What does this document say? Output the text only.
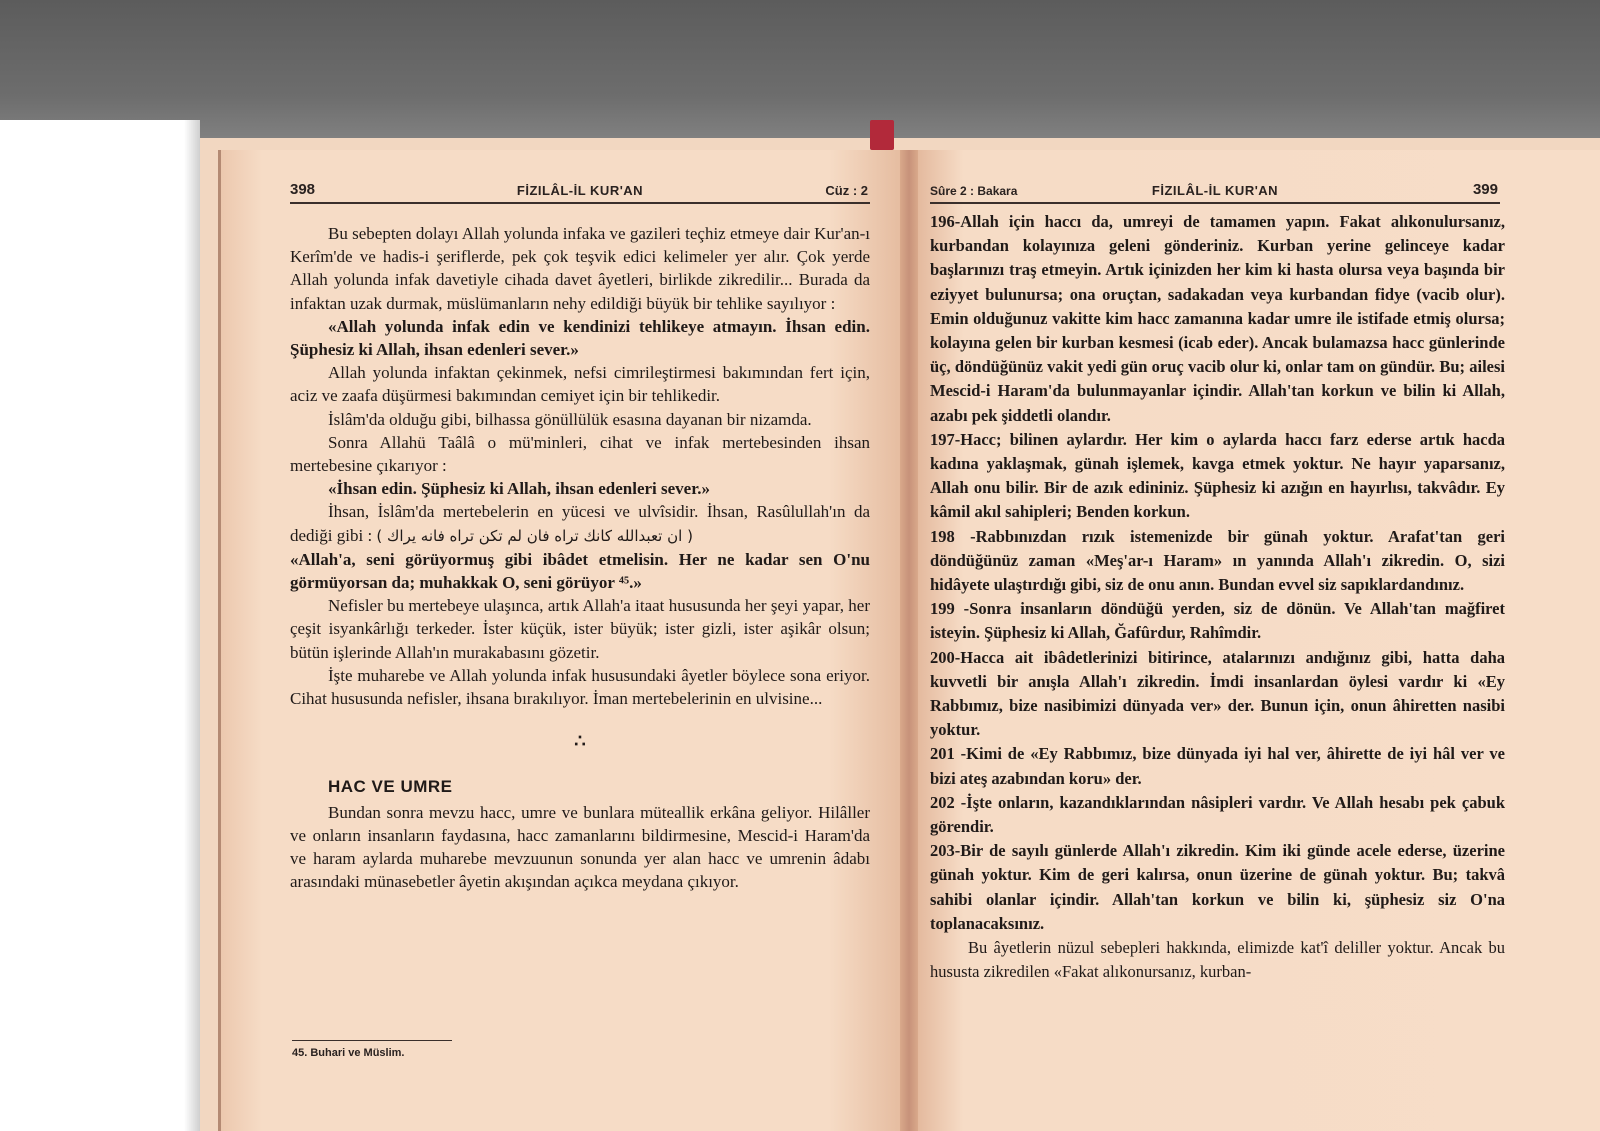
398	FİZILÂL-İL KUR'AN	Cüz : 2	Sûre 2 : Bakara	FİZILÂL-İL KUR'AN	399

Bu sebepten dolayı Allah yolunda infaka ve gazileri teçhiz etmeye dair Kur'an-ı Kerîm'de ve hadis-i şeriflerde, pek çok teşvik edici kelimeler yer alır. Çok yerde Allah yolunda infak davetiyle cihada davet âyetleri, birlikde zikredilir... Burada da infaktan uzak durmak, müslümanların nehy edildiği büyük bir tehlike sayılıyor :

«Allah yolunda infak edin ve kendinizi tehlikeye atmayın. İhsan edin. Şüphesiz ki Allah, ihsan edenleri sever.»

Allah yolunda infaktan çekinmek, nefsi cimrileştirmesi bakımından fert için, aciz ve zaafa düşürmesi bakımından cemiyet için bir tehlikedir.

İslâm'da olduğu gibi, bilhassa gönüllülük esasına dayanan bir nizamda.

Sonra Allahü Taâlâ o mü'minleri, cihat ve infak mertebesinden ihsan mertebesine çıkarıyor :

«İhsan edin. Şüphesiz ki Allah, ihsan edenleri sever.»

İhsan, İslâm'da mertebelerin en yücesi ve ulvîsidir. İhsan, Rasûlullah'ın da dediği gibi : ( ان تعبدالله كانك تراه فان لم تكن تراه فانه يراك )

«Allah'a, seni görüyormuş gibi ibâdet etmelisin. Her ne kadar sen O'nu görmüyorsan da; muhakkak O, seni görüyor ⁴⁵.»

Nefisler bu mertebeye ulaşınca, artık Allah'a itaat hususunda her şeyi yapar, her çeşit isyankârlığı terkeder. İster küçük, ister büyük; ister gizli, ister aşikâr olsun; bütün işlerinde Allah'ın murakabasını gözetir.

İşte muharebe ve Allah yolunda infak hususundaki âyetler böylece sona eriyor. Cihat hususunda nefisler, ihsana bırakılıyor. İman mertebelerinin en ulvisine...

∴
HAC VE UMRE

Bundan sonra mevzu hacc, umre ve bunlara müteallik erkâna geliyor. Hilâller ve onların insanların faydasına, hacc zamanlarını bildirmesine, Mescid-i Haram'da ve haram aylarda muharebe mevzuunun sonunda yer alan hacc ve umrenin âdabı arasındaki münasebetler âyetin akışından açıkca meydana çıkıyor.

45. Buhari ve Müslim.

196-Allah için haccı da, umreyi de tamamen yapın. Fakat alıkonulursanız, kurbandan kolayınıza geleni gönderiniz. Kurban yerine gelinceye kadar başlarınızı traş etmeyin. Artık içinizden her kim ki hasta olursa veya başında bir eziyyet bulunursa; ona oruçtan, sadakadan veya kurbandan fidye (vacib olur). Emin olduğunuz vakitte kim hacc zamanına kadar umre ile istifade etmiş olursa; kolayına gelen bir kurban kesmesi (icab eder). Ancak bulamazsa hacc günlerinde üç, döndüğünüz vakit yedi gün oruç vacib olur ki, onlar tam on gündür. Bu; ailesi Mescid-i Haram'da bulunmayanlar içindir. Allah'tan korkun ve bilin ki Allah, azabı pek şiddetli olandır.

197-Hacc; bilinen aylardır. Her kim o aylarda haccı farz ederse artık hacda kadına yaklaşmak, günah işlemek, kavga etmek yoktur. Ne hayır yaparsanız, Allah onu bilir. Bir de azık edininiz. Şüphesiz ki azığın en hayırlısı, takvâdır. Ey kâmil akıl sahipleri; Benden korkun.

198 -Rabbınızdan rızık istemenizde bir günah yoktur. Arafat'tan geri döndüğünüz zaman «Meş'ar-ı Haram» ın yanında Allah'ı zikredin. O, sizi hidâyete ulaştırdığı gibi, siz de onu anın. Bundan evvel siz sapıklardandınız.

199 -Sonra insanların döndüğü yerden, siz de dönün. Ve Allah'tan mağfiret isteyin. Şüphesiz ki Allah, Ğafûrdur, Rahîmdir.

200-Hacca ait ibâdetlerinizi bitirince, atalarınızı andığınız gibi, hatta daha kuvvetli bir anışla Allah'ı zikredin. İmdi insanlardan öylesi vardır ki «Ey Rabbımız, bize nasibimizi dünyada ver» der. Bunun için, onun âhiretten nasibi yoktur.

201 -Kimi de «Ey Rabbımız, bize dünyada iyi hal ver, âhirette de iyi hâl ver ve bizi ateş azabından koru» der.

202 -İşte onların, kazandıklarından nâsipleri vardır. Ve Allah hesabı pek çabuk görendir.

203-Bir de sayılı günlerde Allah'ı zikredin. Kim iki günde acele ederse, üzerine günah yoktur. Kim de geri kalırsa, onun üzerine de günah yoktur. Bu; takvâ sahibi olanlar içindir. Allah'tan korkun ve bilin ki, şüphesiz siz O'na toplanacaksınız.

Bu âyetlerin nüzul sebepleri hakkında, elimizde kat'î deliller yoktur. Ancak bu hususta zikredilen «Fakat alıkonursanız, kurban-
